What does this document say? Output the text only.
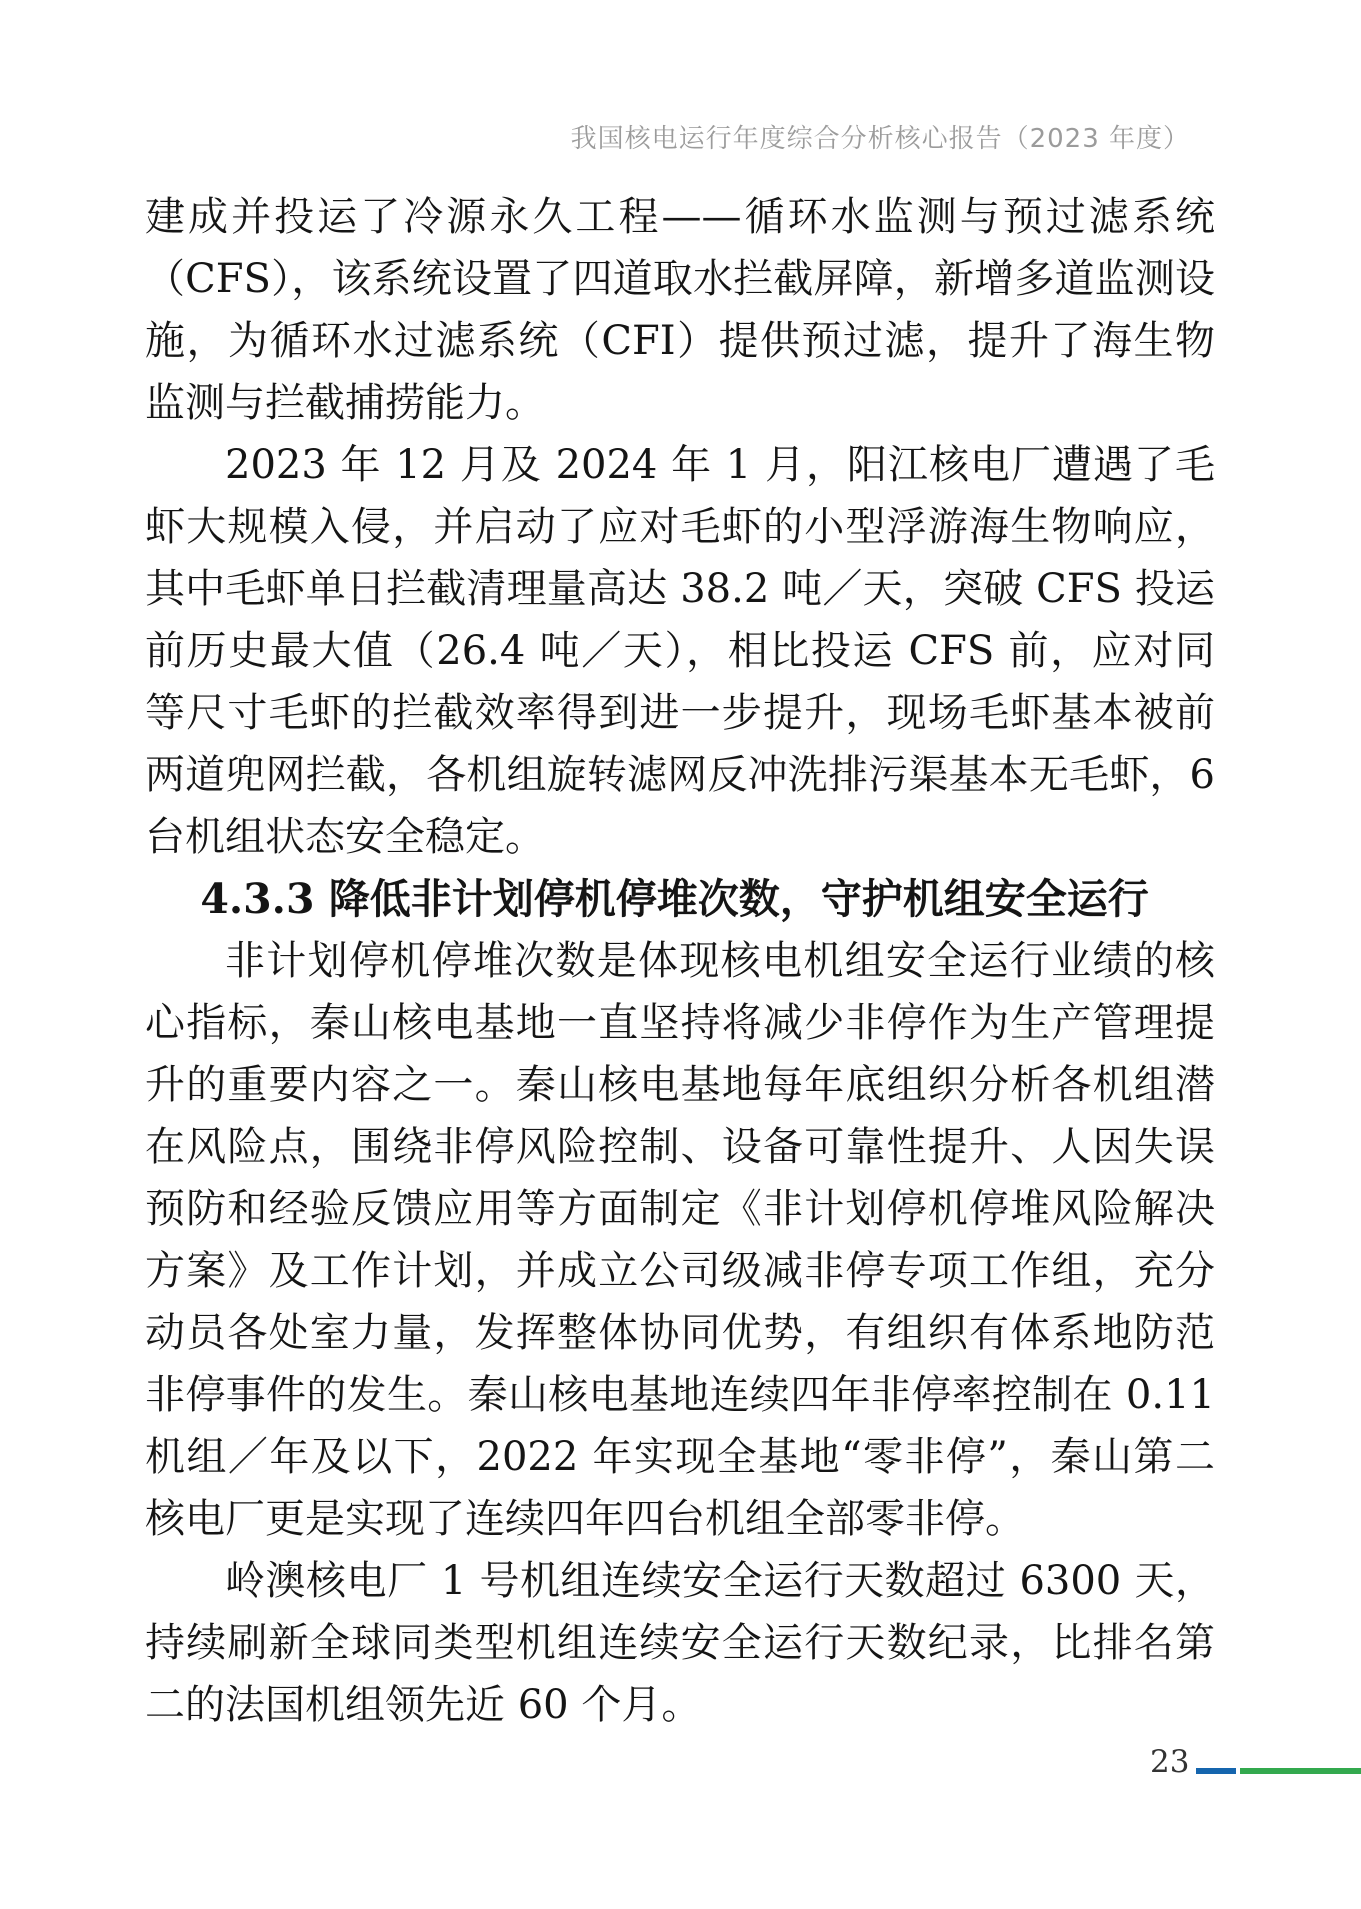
我国核电运行年度综合分析核心报告（2023 年度）

建成并投运了冷源永久工程——循环水监测与预过滤系统（CFS），该系统设置了四道取水拦截屏障，新增多道监测设施，为循环水过滤系统（CFI）提供预过滤，提升了海生物监测与拦截捕捞能力。

2023 年 12 月及 2024 年 1 月，阳江核电厂遭遇了毛虾大规模入侵，并启动了应对毛虾的小型浮游海生物响应，其中毛虾单日拦截清理量高达 38.2 吨／天，突破 CFS 投运前历史最大值（26.4 吨／天），相比投运 CFS 前，应对同等尺寸毛虾的拦截效率得到进一步提升，现场毛虾基本被前两道兜网拦截，各机组旋转滤网反冲洗排污渠基本无毛虾，6 台机组状态安全稳定。

4.3.3 降低非计划停机停堆次数，守护机组安全运行

非计划停机停堆次数是体现核电机组安全运行业绩的核心指标，秦山核电基地一直坚持将减少非停作为生产管理提升的重要内容之一。秦山核电基地每年底组织分析各机组潜在风险点，围绕非停风险控制、设备可靠性提升、人因失误预防和经验反馈应用等方面制定《非计划停机停堆风险解决方案》及工作计划，并成立公司级减非停专项工作组，充分动员各处室力量，发挥整体协同优势，有组织有体系地防范非停事件的发生。秦山核电基地连续四年非停率控制在 0.11 机组／年及以下，2022 年实现全基地“零非停”，秦山第二核电厂更是实现了连续四年四台机组全部零非停。

岭澳核电厂 1 号机组连续安全运行天数超过 6300 天，持续刷新全球同类型机组连续安全运行天数纪录，比排名第二的法国机组领先近 60 个月。

23
